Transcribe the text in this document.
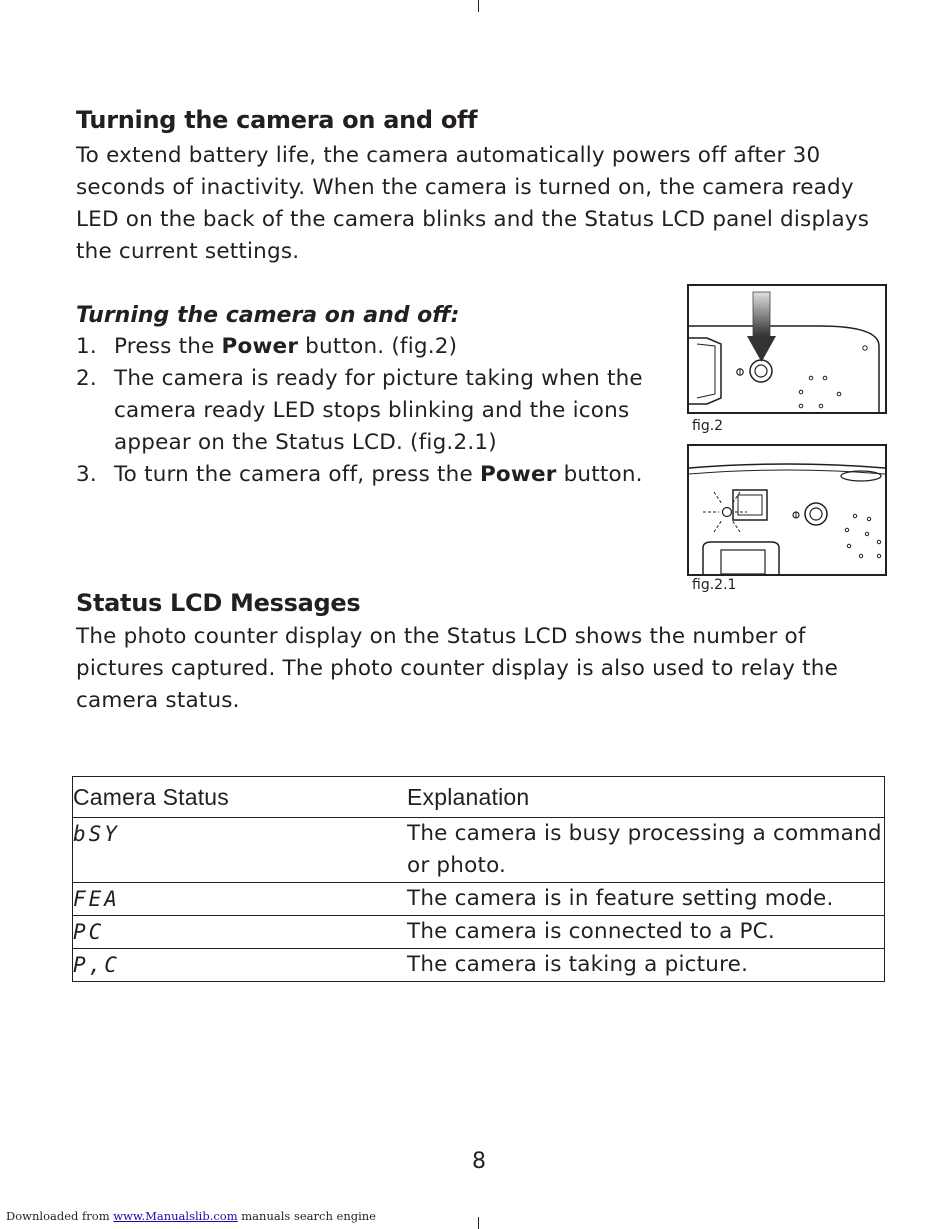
Turning the camera on and off

To extend battery life, the camera automatically powers off after 30 seconds of inactivity. When the camera is turned on, the camera ready LED on the back of the camera blinks and the Status LCD panel displays the current settings.

Turning the camera on and off:

1. Press the Power button. (fig.2)
2. The camera is ready for picture taking when the camera ready LED stops blinking and the icons appear on the Status LCD. (fig.2.1)
3. To turn the camera off, press the Power button.
fig.2
fig.2.1
Status LCD Messages

The photo counter display on the Status LCD shows the number of pictures captured. The photo counter display is also used to relay the camera status.

Camera Status	Explanation
bSY	The camera is busy processing a command or photo.
FEA	The camera is in feature setting mode.
PC	The camera is connected to a PC.
P,C	The camera is taking a picture.
8
Downloaded from www.Manualslib.com manuals search engine
